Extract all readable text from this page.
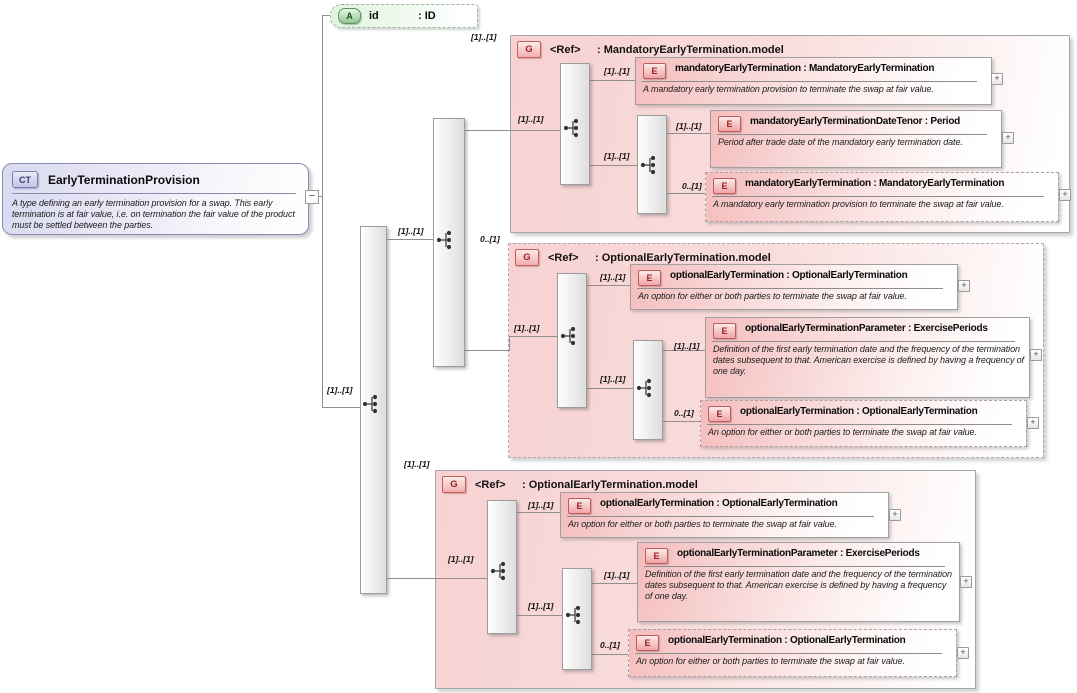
CT	EarlyTerminationProvision
A type defining an early termination provision for a swap. This early termination is at fair value, i.e. on termination the fair value of the product must be settled between the parties.
−
A	id	: ID
G	<Ref>	: MandatoryEarlyTermination.model
E	mandatoryEarlyTermination : MandatoryEarlyTermination
A mandatory early termination provision to terminate the swap at fair value.
+
E	mandatoryEarlyTerminationDateTenor : Period
Period after trade date of the mandatory early termination date.	+
E	mandatoryEarlyTermination : MandatoryEarlyTermination
A mandatory early termination provision to terminate the swap at fair value.
+
G	<Ref>	: OptionalEarlyTermination.model
E	optionalEarlyTermination : OptionalEarlyTermination
An option for either or both parties to terminate the swap at fair value.
+
E	optionalEarlyTerminationParameter : ExercisePeriods
Definition of the first early termination date and the frequency of the termination dates subsequent to that. American exercise is defined by having a frequency of one day.
+
E	optionalEarlyTermination : OptionalEarlyTermination
An option for either or both parties to terminate the swap at fair value.
+
G	<Ref>	: OptionalEarlyTermination.model
E	optionalEarlyTermination : OptionalEarlyTermination
An option for either or both parties to terminate the swap at fair value.
+
E	optionalEarlyTerminationParameter : ExercisePeriods
Definition of the first early termination date and the frequency of the termination dates subsequent to that. American exercise is defined by having a frequency of one day.
+
E	optionalEarlyTermination : OptionalEarlyTermination
An option for either or both parties to terminate the swap at fair value.
+
[1]..[1]
[1]..[1]
[1]..[1]
[1]..[1]
[1]..[1]
[1]..[1]
[1]..[1]
0..[1]
0..[1]
[1]..[1]
[1]..[1]
[1]..[1]
[1]..[1]
0..[1]
[1]..[1]
[1]..[1]
[1]..[1]
[1]..[1]
[1]..[1]
0..[1]
